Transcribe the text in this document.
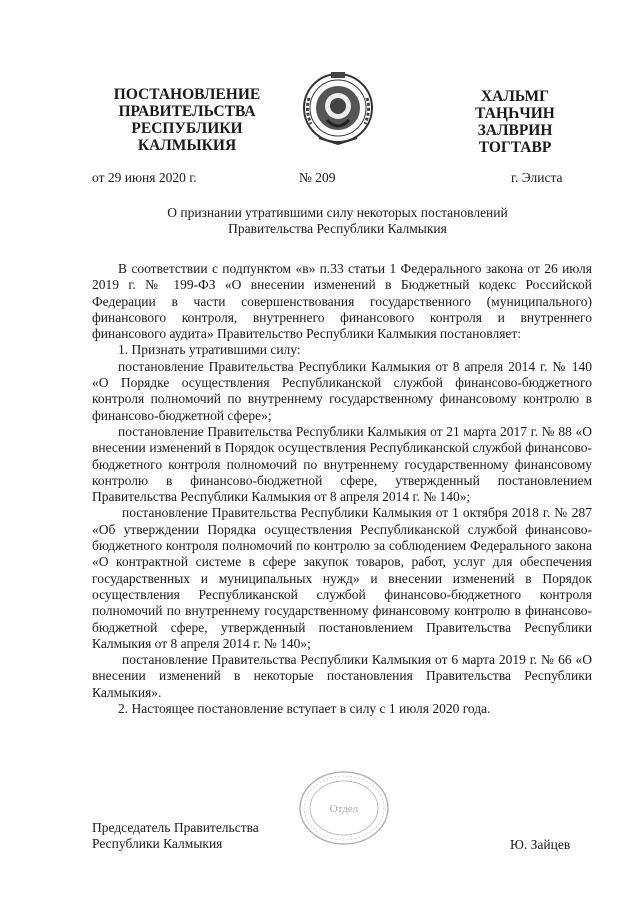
ПОСТАНОВЛЕНИЕ
ПРАВИТЕЛЬСТВА
РЕСПУБЛИКИ
КАЛМЫКИЯ
ХАЛЬМГ
ТАҢҺЧИН
ЗАЛВРИН
ТОГТАВР
от 29 июня 2020 г.	№ 209	г. Элиста
О признании утратившими силу некоторых постановлений
Правительства Республики Калмыкия

В соответствии с подпунктом «в» п.33 статьи 1 Федерального закона от 26 июля 2019 г. № 199-ФЗ «О внесении изменений в Бюджетный кодекс Российской Федерации в части совершенствования государственного (муниципального) финансового контроля, внутреннего финансового контроля и внутреннего финансового аудита» Правительство Республики Калмыкия постановляет:

1. Признать утратившими силу:

постановление Правительства Республики Калмыкия от 8 апреля 2014 г. № 140 «О Порядке осуществления Республиканской службой финансово-бюджетного контроля полномочий по внутреннему государственному финансовому контролю в финансово-бюджетной сфере»;

постановление Правительства Республики Калмыкия от 21 марта 2017 г. № 88 «О внесении изменений в Порядок осуществления Республиканской службой финансово-бюджетного контроля полномочий по внутреннему государственному финансовому контролю в финансово-бюджетной сфере, утвержденный постановлением Правительства Республики Калмыкия от 8 апреля 2014 г. № 140»;

постановление Правительства Республики Калмыкия от 1 октября 2018 г. № 287 «Об утверждении Порядка осуществления Республиканской службой финансово-бюджетного контроля полномочий по контролю за соблюдением Федерального закона «О контрактной системе в сфере закупок товаров, работ, услуг для обеспечения государственных и муниципальных нужд» и внесении изменений в Порядок осуществления Республиканской службой финансово-бюджетного контроля полномочий по внутреннему государственному финансовому контролю в финансово-бюджетной сфере, утвержденный постановлением Правительства Республики Калмыкия от 8 апреля 2014 г. № 140»;

постановление Правительства Республики Калмыкия от 6 марта 2019 г. № 66 «О внесении изменений в некоторые постановления Правительства Республики Калмыкия».

2. Настоящее постановление вступает в силу с 1 июля 2020 года.

Отдел
Председатель Правительства
Республики Калмыкия	Ю. Зайцев
